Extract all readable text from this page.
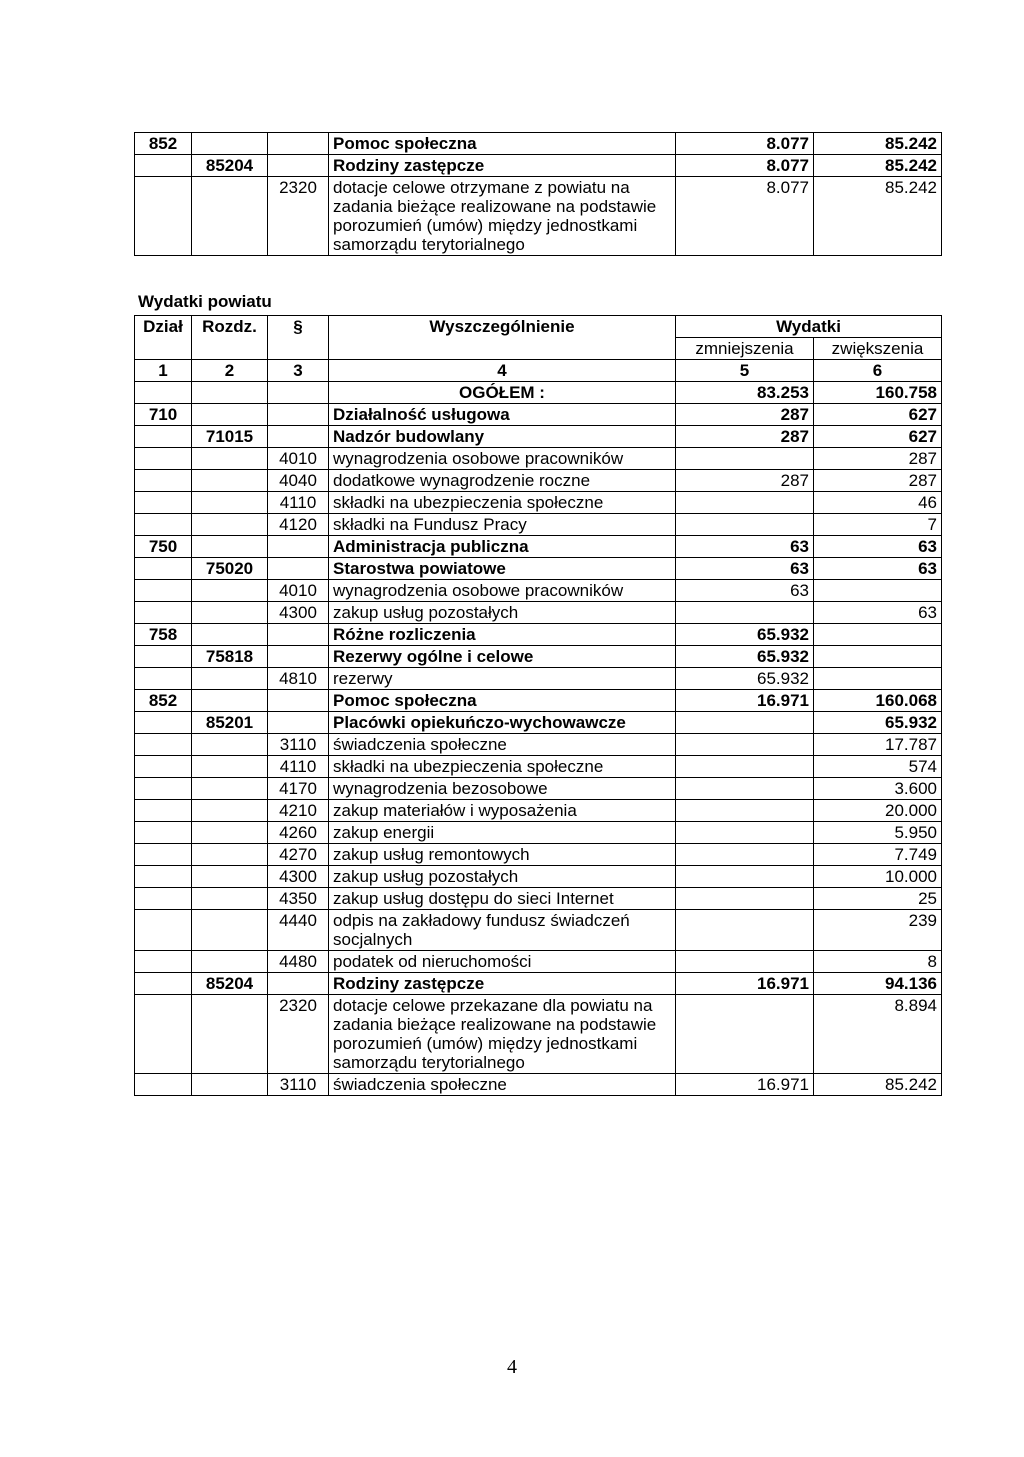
852			Pomoc społeczna	8.077	85.242
	85204		Rodziny zastępcze	8.077	85.242
		2320	dotacje celowe otrzymane z powiatu na zadania bieżące realizowane na podstawie porozumień (umów) między jednostkami samorządu terytorialnego	8.077	85.242
Wydatki powiatu
Dział	Rozdz.	§	Wyszczególnienie	Wydatki	
				zmniejszenia	zwiększenia
1	2	3	4	5	6
			OGÓŁEM :	83.253	160.758
710			Działalność usługowa	287	627
	71015		Nadzór budowlany	287	627
		4010	wynagrodzenia osobowe pracowników		287
		4040	dodatkowe wynagrodzenie roczne	287	287
		4110	składki na ubezpieczenia społeczne		46
		4120	składki na Fundusz Pracy		7
750			Administracja publiczna	63	63
	75020		Starostwa powiatowe	63	63
		4010	wynagrodzenia osobowe pracowników	63	
		4300	zakup usług pozostałych		63
758			Różne rozliczenia	65.932	
	75818		Rezerwy ogólne i celowe	65.932	
		4810	rezerwy	65.932	
852			Pomoc społeczna	16.971	160.068
	85201		Placówki opiekuńczo-wychowawcze		65.932
		3110	świadczenia społeczne		17.787
		4110	składki na ubezpieczenia społeczne		574
		4170	wynagrodzenia bezosobowe		3.600
		4210	zakup materiałów i wyposażenia		20.000
		4260	zakup energii		5.950
		4270	zakup usług remontowych		7.749
		4300	zakup usług pozostałych		10.000
		4350	zakup usług dostępu do sieci Internet		25
		4440	odpis na zakładowy fundusz świadczeń socjalnych		239
		4480	podatek od nieruchomości		8
	85204		Rodziny zastępcze	16.971	94.136
		2320	dotacje celowe przekazane dla powiatu na zadania bieżące realizowane na podstawie porozumień (umów) między jednostkami samorządu terytorialnego		8.894
		3110	świadczenia społeczne	16.971	85.242
4
